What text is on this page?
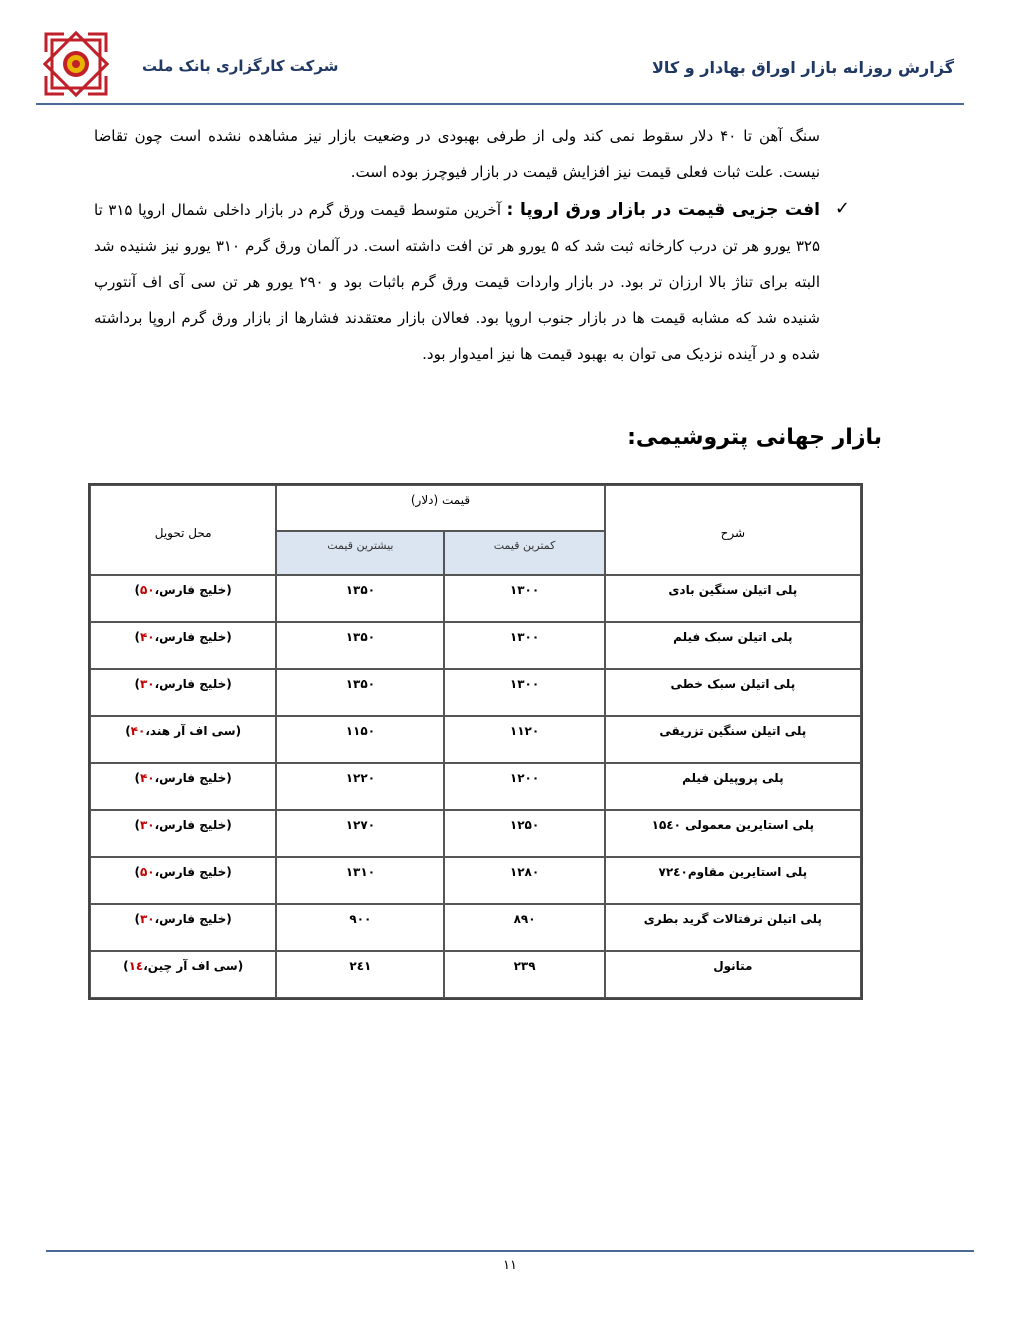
گزارش روزانه بازار اوراق بهادار و کالا
شرکت کارگزاری بانک ملت
سنگ آهن تا ۴۰ دلار سقوط نمی کند ولی از طرفی بهبودی در وضعیت بازار نیز مشاهده نشده است چون تقاضا نیست. علت ثبات فعلی قیمت نیز افزایش قیمت در بازار فیوچرز بوده است.
✓
افت جزیی قیمت در بازار ورق اروپا : آخرین متوسط قیمت ورق گرم در بازار داخلی شمال اروپا ۳۱۵ تا ۳۲۵ یورو هر تن درب کارخانه ثبت شد که ۵ یورو هر تن افت داشته است. در آلمان ورق گرم ۳۱۰ یورو نیز شنیده شد البته برای تناژ بالا ارزان تر بود. در بازار واردات قیمت ورق گرم باثبات بود و ۲۹۰ یورو هر تن سی آی اف آنتورپ شنیده شد که مشابه قیمت ها در بازار جنوب اروپا بود. فعالان بازار معتقدند فشارها از بازار ورق گرم اروپا برداشته شده و در آینده نزدیک می توان به بهبود قیمت ها نیز امیدوار بود.
بازار جهانی پتروشیمی:
شرح	قیمت (دلار)		محل تحویل
	کمترین قیمت	بیشترین قیمت	
پلی اتیلن سنگین بادی	۱۳۰۰	۱۳۵۰	(خلیج فارس،۵۰)
پلی اتیلن سبک فیلم	۱۳۰۰	۱۳۵۰	(خلیج فارس،۴۰)
پلی اتیلن سبک خطی	۱۳۰۰	۱۳۵۰	(خلیج فارس،۳۰)
پلی اتیلن سنگین تزریقی	۱۱۲۰	۱۱۵۰	(سی اف آر هند،۴۰)
پلی پروپیلن فیلم	۱۲۰۰	۱۲۲۰	(خلیج فارس،۴۰)
پلی استایرین معمولی ۱۵٤۰	۱۲۵۰	۱۲۷۰	(خلیج فارس،۳۰)
پلی استایرین مقاوم۷۲٤۰	۱۲۸۰	۱۳۱۰	(خلیج فارس،۵۰)
پلی اتیلن ترفتالات گرید بطری	۸۹۰	۹۰۰	(خلیج فارس،۳۰)
متانول	۲۳۹	۲٤۱	(سی اف آر چین،۱٤)
۱۱
